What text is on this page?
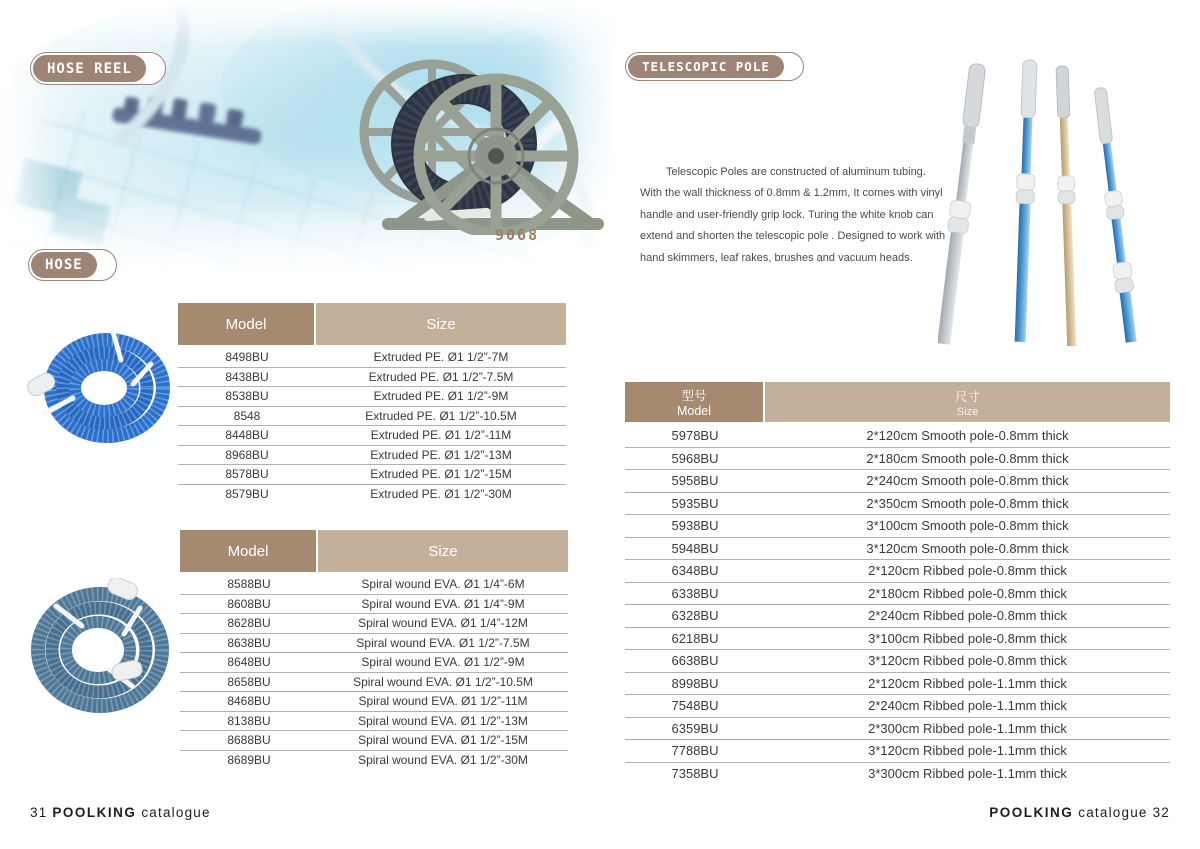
9068
HOSE REEL
HOSE
Model	Size
8498BU	Extruded PE. Ø1 1/2”-7M
8438BU	Extruded PE. Ø1 1/2”-7.5M
8538BU	Extruded PE. Ø1 1/2”-9M
8548	Extruded PE. Ø1 1/2”-10.5M
8448BU	Extruded PE. Ø1 1/2”-11M
8968BU	Extruded PE. Ø1 1/2”-13M
8578BU	Extruded PE. Ø1 1/2”-15M
8579BU	Extruded PE. Ø1 1/2”-30M
Model	Size
8588BU	Spiral wound EVA. Ø1 1/4”-6M
8608BU	Spiral wound EVA. Ø1 1/4”-9M
8628BU	Spiral wound EVA. Ø1 1/4”-12M
8638BU	Spiral wound EVA. Ø1 1/2”-7.5M
8648BU	Spiral wound EVA. Ø1 1/2”-9M
8658BU	Spiral wound EVA. Ø1 1/2”-10.5M
8468BU	Spiral wound EVA. Ø1 1/2”-11M
8138BU	Spiral wound EVA. Ø1 1/2”-13M
8688BU	Spiral wound EVA. Ø1 1/2”-15M
8689BU	Spiral wound EVA. Ø1 1/2”-30M
TELESCOPIC POLE

Telescopic Poles are constructed of aluminum tubing. With the wall thickness of 0.8mm & 1.2mm, It comes with vinyl handle and user-friendly grip lock. Turing the white knob can extend and shorten the telescopic pole . Designed to work with hand skimmers, leaf rakes, brushes and vacuum heads.

型号
Model
尺寸
Size
5978BU	2*120cm Smooth pole-0.8mm thick
5968BU	2*180cm Smooth pole-0.8mm thick
5958BU	2*240cm Smooth pole-0.8mm thick
5935BU	2*350cm Smooth pole-0.8mm thick
5938BU	3*100cm Smooth pole-0.8mm thick
5948BU	3*120cm Smooth pole-0.8mm thick
6348BU	2*120cm Ribbed pole-0.8mm thick
6338BU	2*180cm Ribbed pole-0.8mm thick
6328BU	2*240cm Ribbed pole-0.8mm thick
6218BU	3*100cm Ribbed pole-0.8mm thick
6638BU	3*120cm Ribbed pole-0.8mm thick
8998BU	2*120cm Ribbed pole-1.1mm thick
7548BU	2*240cm Ribbed pole-1.1mm thick
6359BU	2*300cm Ribbed pole-1.1mm thick
7788BU	3*120cm Ribbed pole-1.1mm thick
7358BU	3*300cm Ribbed pole-1.1mm thick
31 POOLKING catalogue	POOLKING catalogue 32
